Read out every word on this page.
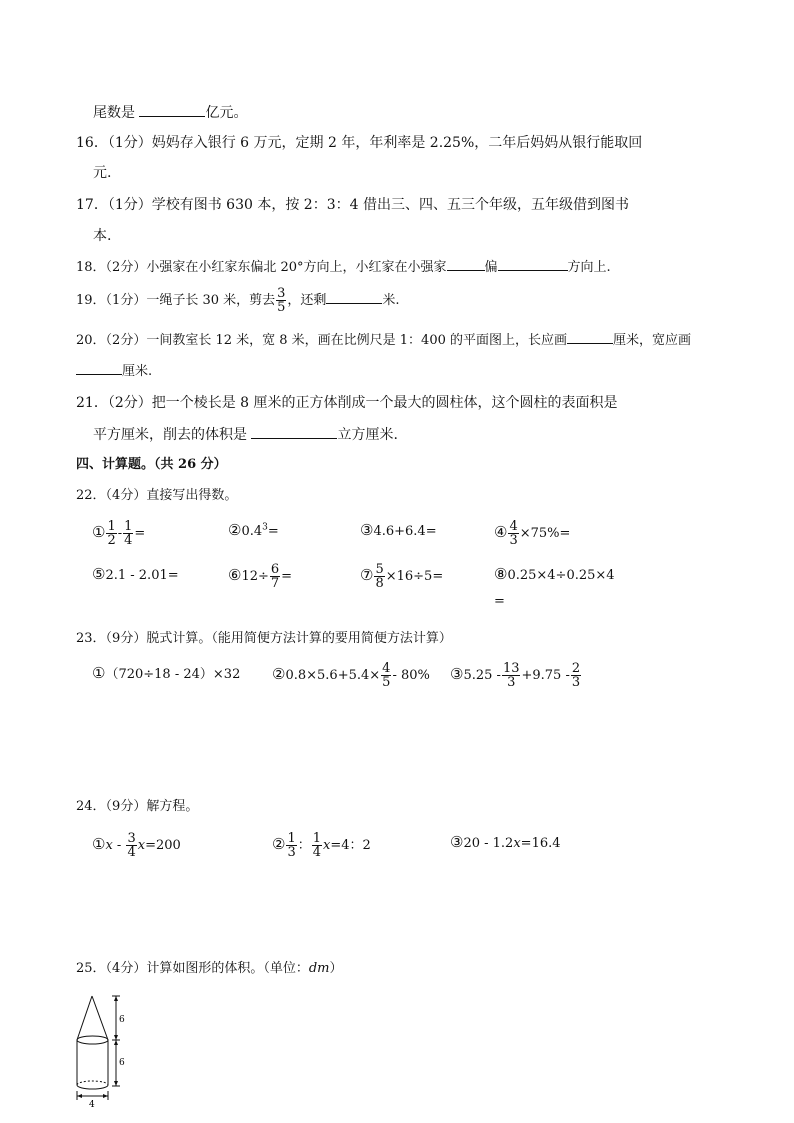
尾数是	亿元。
16．（1分）妈妈存入银行 6 万元，定期 2 年，年利率是 2.25%，二年后妈妈从银行能取回
元.
17．（1分）学校有图书 630 本，按 2：3：4 借出三、四、五三个年级，五年级借到图书
本.
18．（2分）小强家在小红家东偏北 20°方向上，小红家在小强家	偏	方向上.
19．（1分）一绳子长 30 米，剪去 $\frac{3}{5}$ ，还剩	米.
20．（2分）一间教室长 12 米，宽 8 米，画在比例尺是 1：400 的平面图上，长应画	厘米，宽应画
厘米.
21．（2分）把一个棱长是 8 厘米的正方体削成一个最大的圆柱体，这个圆柱的表面积是
平方厘米，削去的体积是	立方厘米.
四、计算题。（共 26 分）
22．（4分）直接写出得数。
① $\frac{1}{2} - \frac{1}{4}$ =	$②0.4^3=$	③4.6+6.4=	④ $\frac{4}{3} \times 75\%=$
⑤2.1 - 2.01=	⑥12÷ $\frac{6}{7}$ =	⑦ $\frac{5}{8} \times 16\div 5=$	⑧0.25×4÷0.25×4
=
23．（9分）脱式计算。（能用简便方法计算的要用简便方法计算）
①（720÷18 - 24）×32 ②0.8×5.6+5.4× $\frac{4}{5} - 80\%$ ③5.25 - $\frac{13}{3} +9.75 - \frac{2}{3}$
24．（9分）解方程。
①x - $\frac{3}{4} x=200$	② $\frac{1}{3}$ ： $\frac{1}{4} x=4$：2	③20 - 1.2x=16.4
25．（4分）计算如图形的体积。（单位：dm）
6
6
4
